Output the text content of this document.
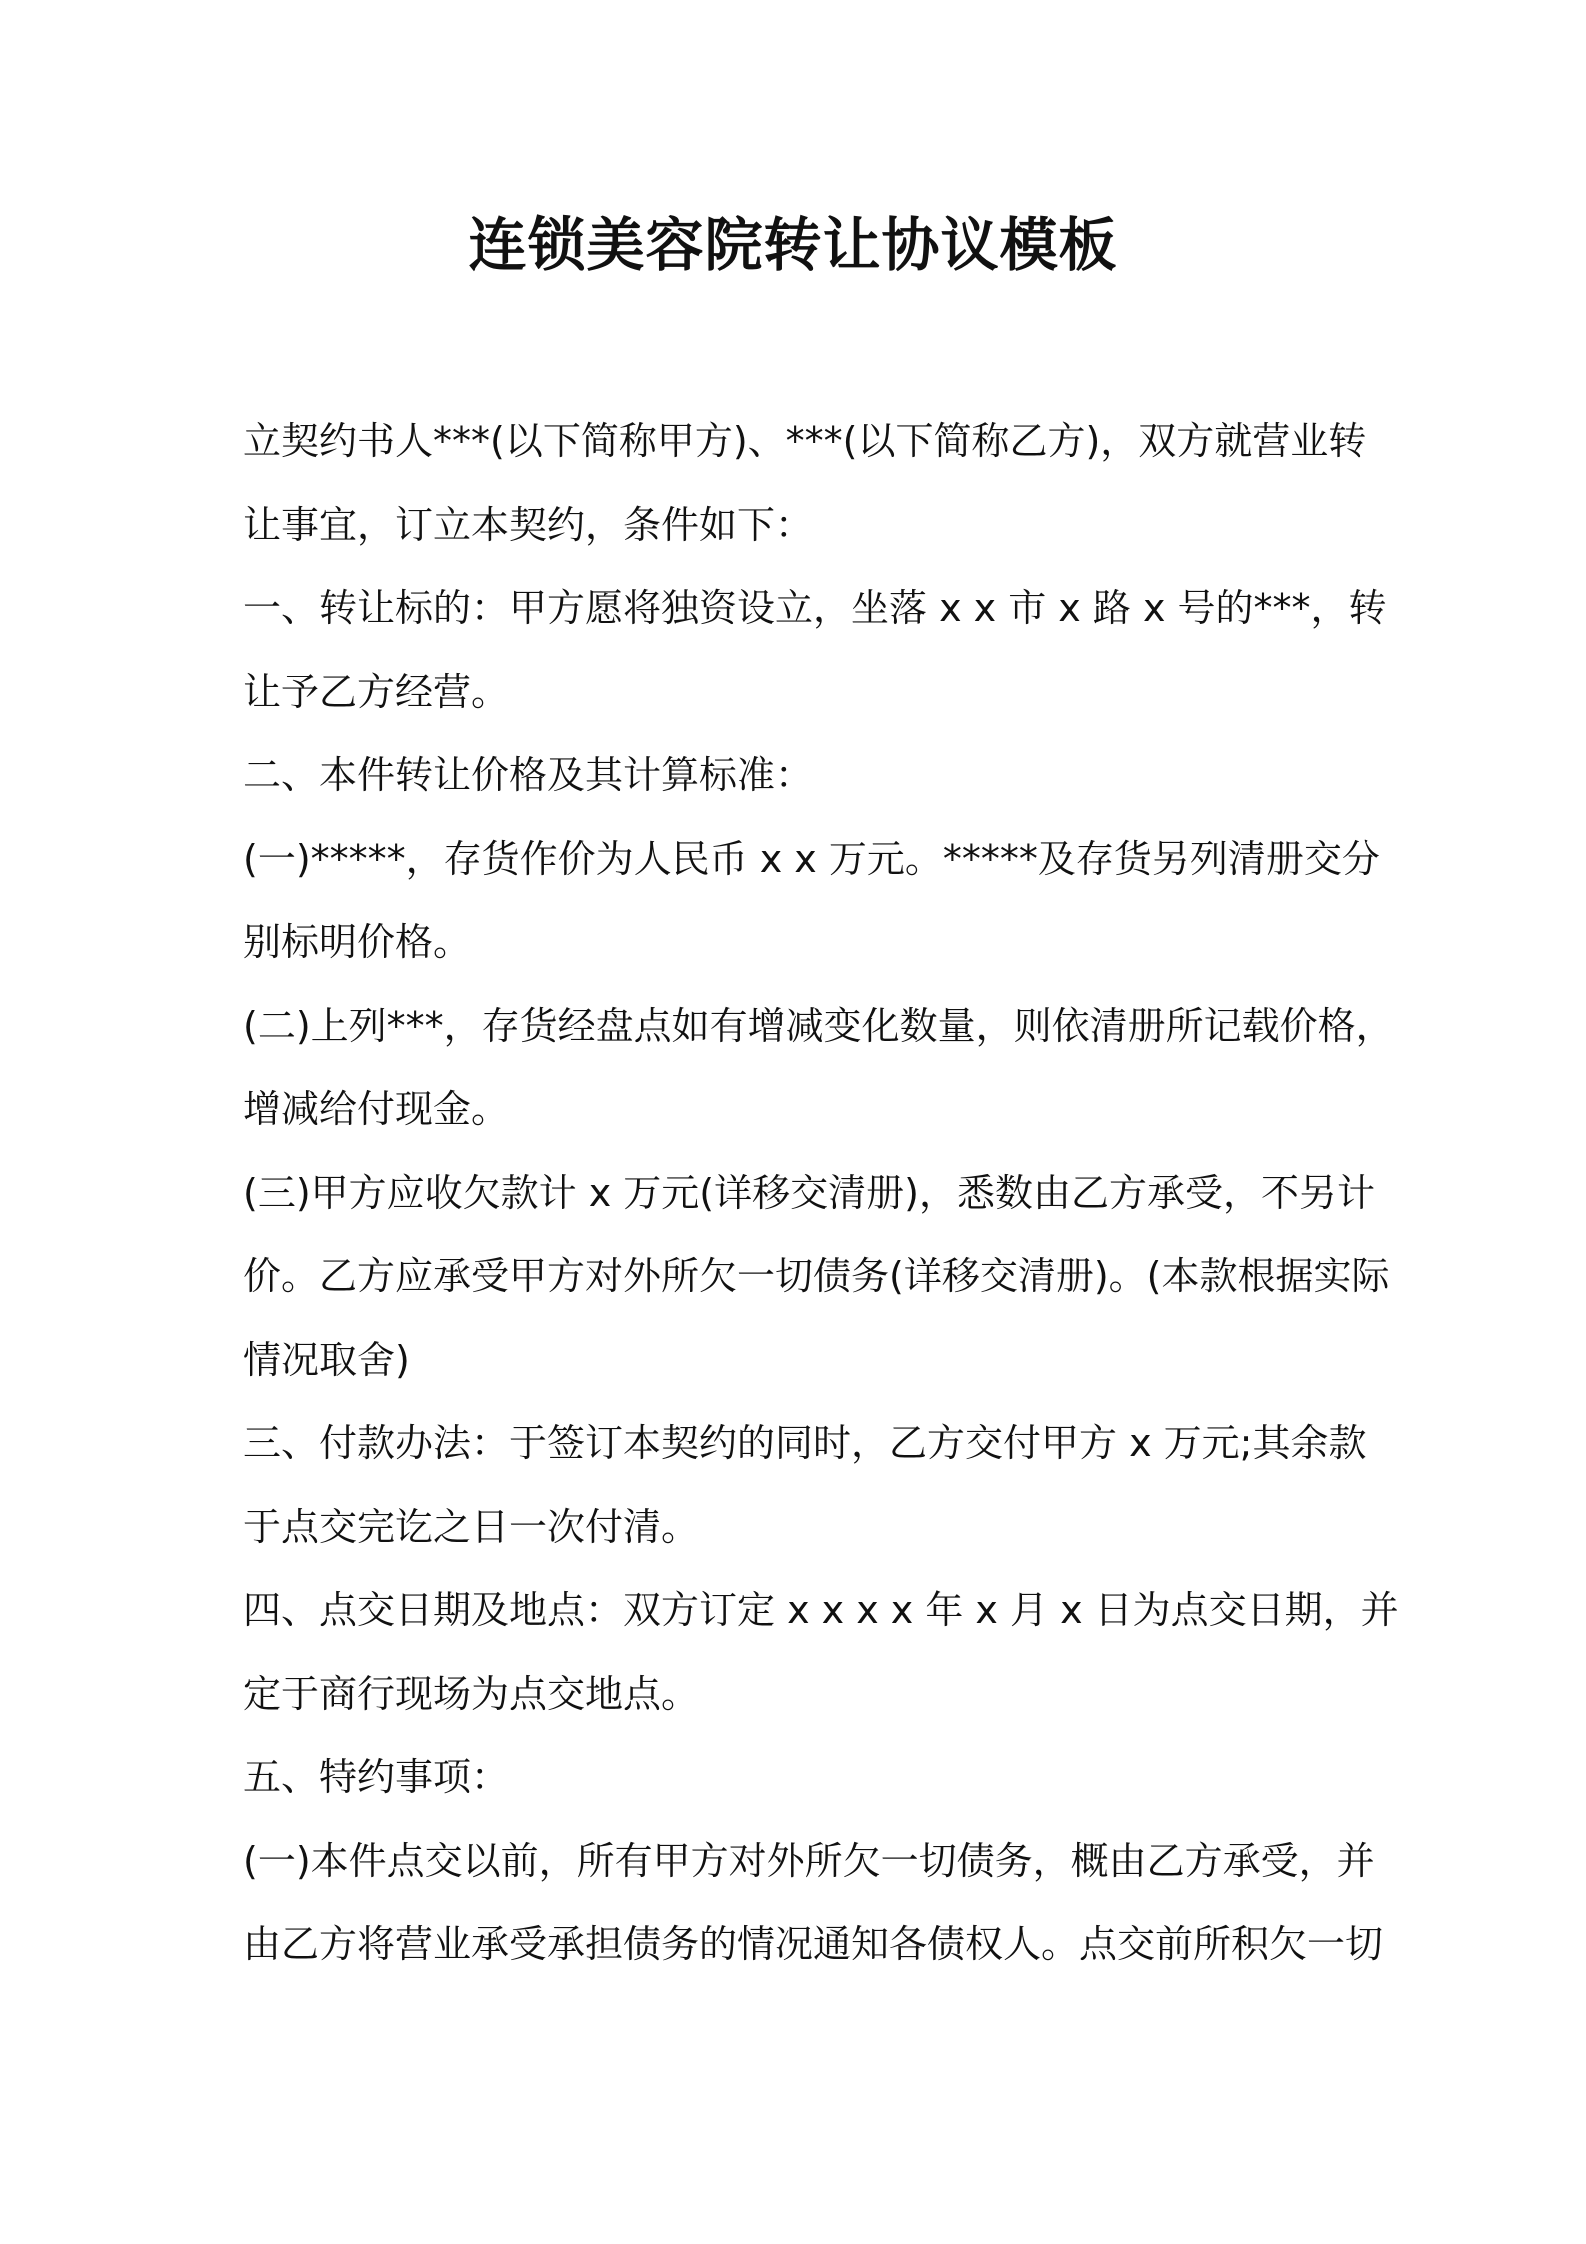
连锁美容院转让协议模板

立契约书人***(以下简称甲方)、***(以下简称乙方)，双方就营业转
让事宜，订立本契约，条件如下：

一、转让标的：甲方愿将独资设立，坐落 x x 市 x 路 x 号的***，转
让予乙方经营。

二、本件转让价格及其计算标准：

(一)*****，存货作价为人民币 x x 万元。*****及存货另列清册交分
别标明价格。

(二)上列***，存货经盘点如有增减变化数量，则依清册所记载价格，
增减给付现金。

(三)甲方应收欠款计 x 万元(详移交清册)，悉数由乙方承受，不另计
价。乙方应承受甲方对外所欠一切债务(详移交清册)。(本款根据实际
情况取舍)

三、付款办法：于签订本契约的同时，乙方交付甲方 x 万元;其余款
于点交完讫之日一次付清。

四、点交日期及地点：双方订定 x x x x 年 x 月 x 日为点交日期，并
定于商行现场为点交地点。

五、特约事项：

(一)本件点交以前，所有甲方对外所欠一切债务，概由乙方承受，并
由乙方将营业承受承担债务的情况通知各债权人。点交前所积欠一切
